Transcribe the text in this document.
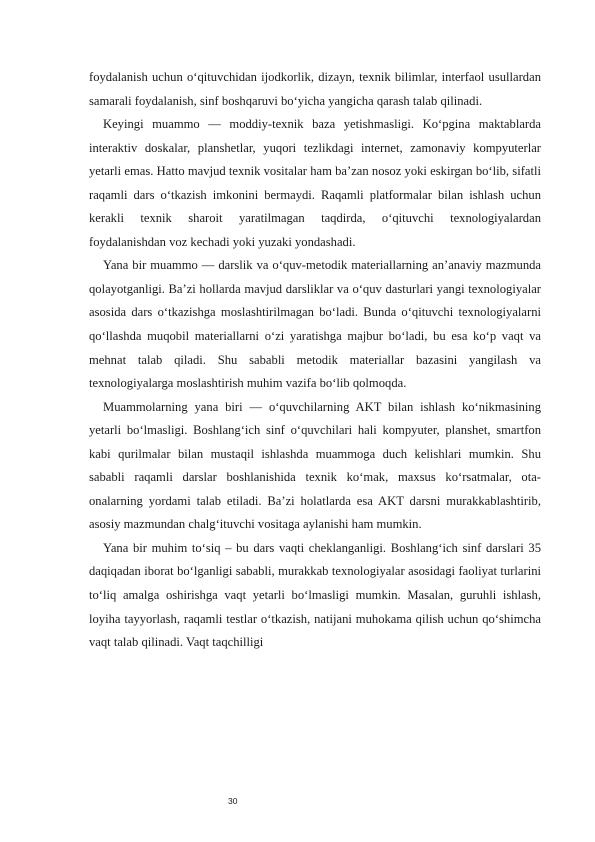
foydalanish uchun o‘qituvchidan ijodkorlik, dizayn, texnik bilimlar, interfaol usullardan samarali foydalanish, sinf boshqaruvi bo‘yicha yangicha qarash talab qilinadi.

Keyingi muammo — moddiy-texnik baza yetishmasligi. Ko‘pgina maktablarda interaktiv doskalar, planshetlar, yuqori tezlikdagi internet, zamonaviy kompyuterlar yetarli emas. Hatto mavjud texnik vositalar ham ba’zan nosoz yoki eskirgan bo‘lib, sifatli raqamli dars o‘tkazish imkonini bermaydi. Raqamli platformalar bilan ishlash uchun kerakli texnik sharoit yaratilmagan taqdirda, o‘qituvchi texnologiyalardan foydalanishdan voz kechadi yoki yuzaki yondashadi.

Yana bir muammo — darslik va o‘quv-metodik materiallarning an’anaviy mazmunda qolayotganligi. Ba’zi hollarda mavjud darsliklar va o‘quv dasturlari yangi texnologiyalar asosida dars o‘tkazishga moslashtirilmagan bo‘ladi. Bunda o‘qituvchi texnologiyalarni qo‘llashda muqobil materiallarni o‘zi yaratishga majbur bo‘ladi, bu esa ko‘p vaqt va mehnat talab qiladi. Shu sababli metodik materiallar bazasini yangilash va texnologiyalarga moslashtirish muhim vazifa bo‘lib qolmoqda.

Muammolarning yana biri — o‘quvchilarning AKT bilan ishlash ko‘nikmasining yetarli bo‘lmasligi. Boshlang‘ich sinf o‘quvchilari hali kompyuter, planshet, smartfon kabi qurilmalar bilan mustaqil ishlashda muammoga duch kelishlari mumkin. Shu sababli raqamli darslar boshlanishida texnik ko‘mak, maxsus ko‘rsatmalar, ota-onalarning yordami talab etiladi. Ba’zi holatlarda esa AKT darsni murakkablashtirib, asosiy mazmundan chalg‘ituvchi vositaga aylanishi ham mumkin.

Yana bir muhim to‘siq – bu dars vaqti cheklanganligi. Boshlang‘ich sinf darslari 35 daqiqadan iborat bo‘lganligi sababli, murakkab texnologiyalar asosidagi faoliyat turlarini to‘liq amalga oshirishga vaqt yetarli bo‘lmasligi mumkin. Masalan, guruhli ishlash, loyiha tayyorlash, raqamli testlar o‘tkazish, natijani muhokama qilish uchun qo‘shimcha vaqt talab qilinadi. Vaqt taqchilligi

30
